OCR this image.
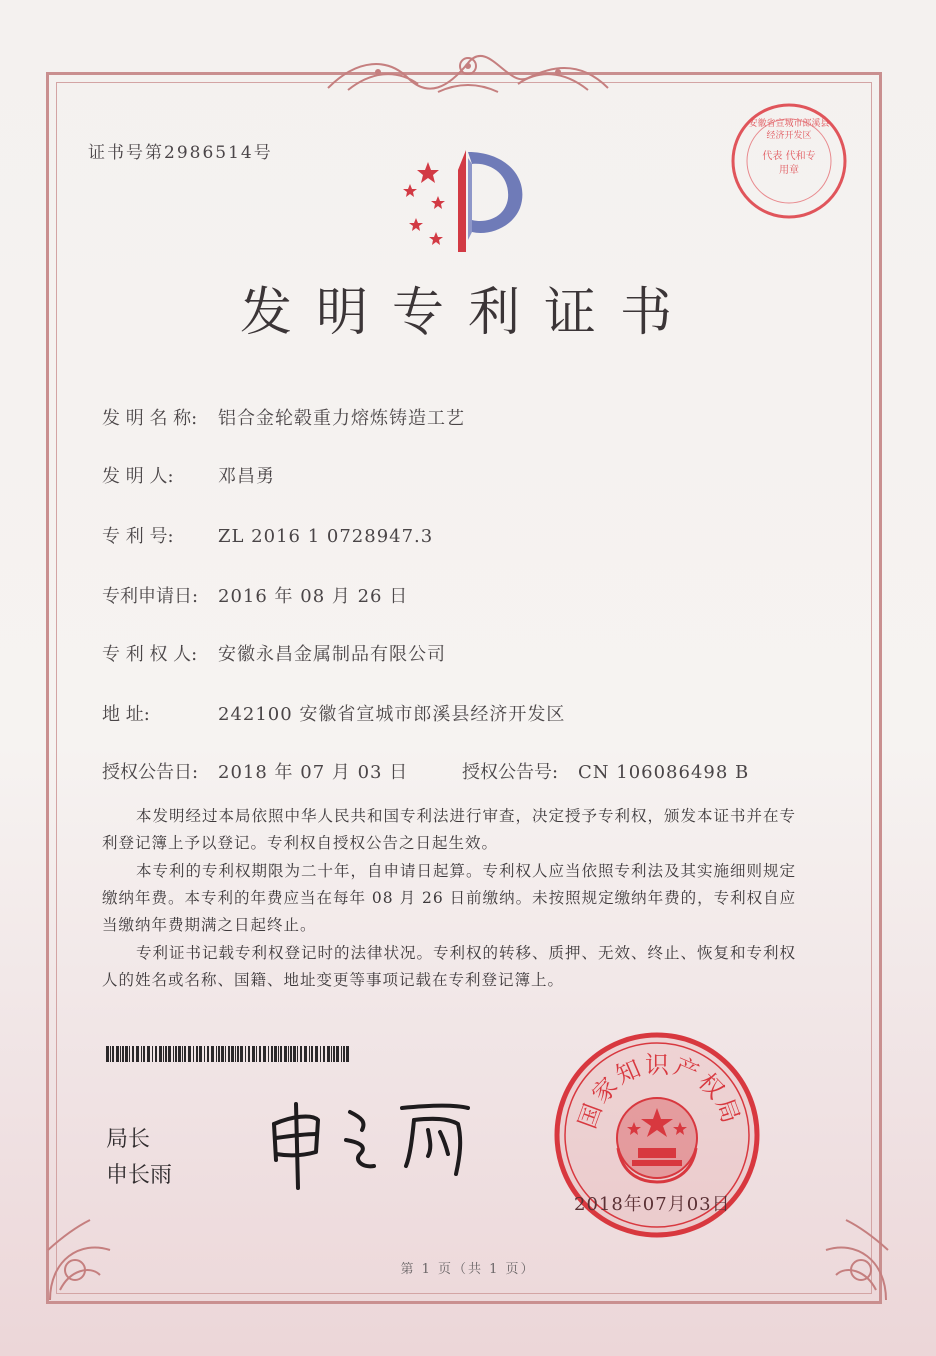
证书号第2986514号
安徽省宣城市郎溪县经济开发区
代表 代和专用章
发明专利证书
发 明 名 称: 铝合金轮毂重力熔炼铸造工艺
发 明 人: 邓昌勇
专 利 号: ZL 2016 1 0728947.3
专利申请日: 2016 年 08 月 26 日
专 利 权 人: 安徽永昌金属制品有限公司
地 址:	242100 安徽省宣城市郎溪县经济开发区
授权公告日: 2018 年 07 月 03 日	授权公告号: CN 106086498 B

本发明经过本局依照中华人民共和国专利法进行审查，决定授予专利权，颁发本证书并在专利登记簿上予以登记。专利权自授权公告之日起生效。

本专利的专利权期限为二十年，自申请日起算。专利权人应当依照专利法及其实施细则规定缴纳年费。本专利的年费应当在每年 08 月 26 日前缴纳。未按照规定缴纳年费的，专利权自应当缴纳年费期满之日起终止。

专利证书记载专利权登记时的法律状况。专利权的转移、质押、无效、终止、恢复和专利权人的姓名或名称、国籍、地址变更等事项记载在专利登记簿上。

局长
申长雨
国
家
知
识
产
权
局
2018年07月03日
第 1 页（共 1 页）
